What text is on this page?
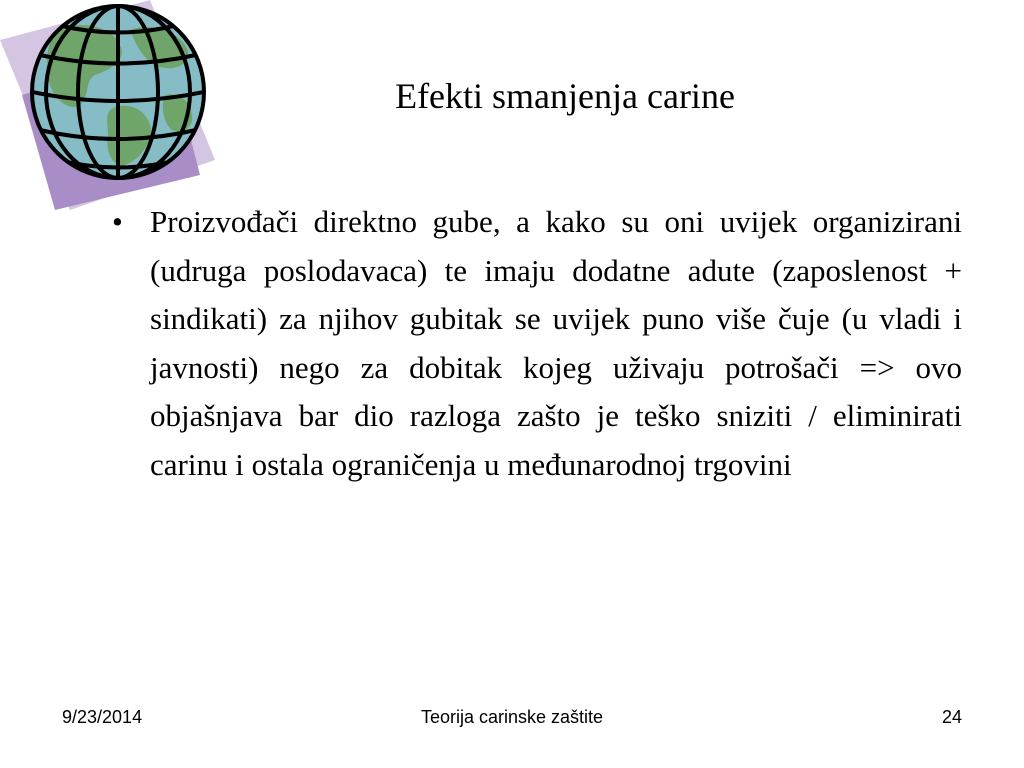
Efekti smanjenja carine
• Proizvođači direktno gube, a kako su oni uvijek organizirani (udruga poslodavaca) te imaju dodatne adute (zaposlenost + sindikati) za njihov gubitak se uvijek puno više čuje (u vladi i javnosti) nego za dobitak kojeg uživaju potrošači => ovo objašnjava bar dio razloga zašto je teško sniziti / eliminirati carinu i ostala ograničenja u međunarodnoj trgovini
9/23/2014	Teorija carinske zaštite	24
